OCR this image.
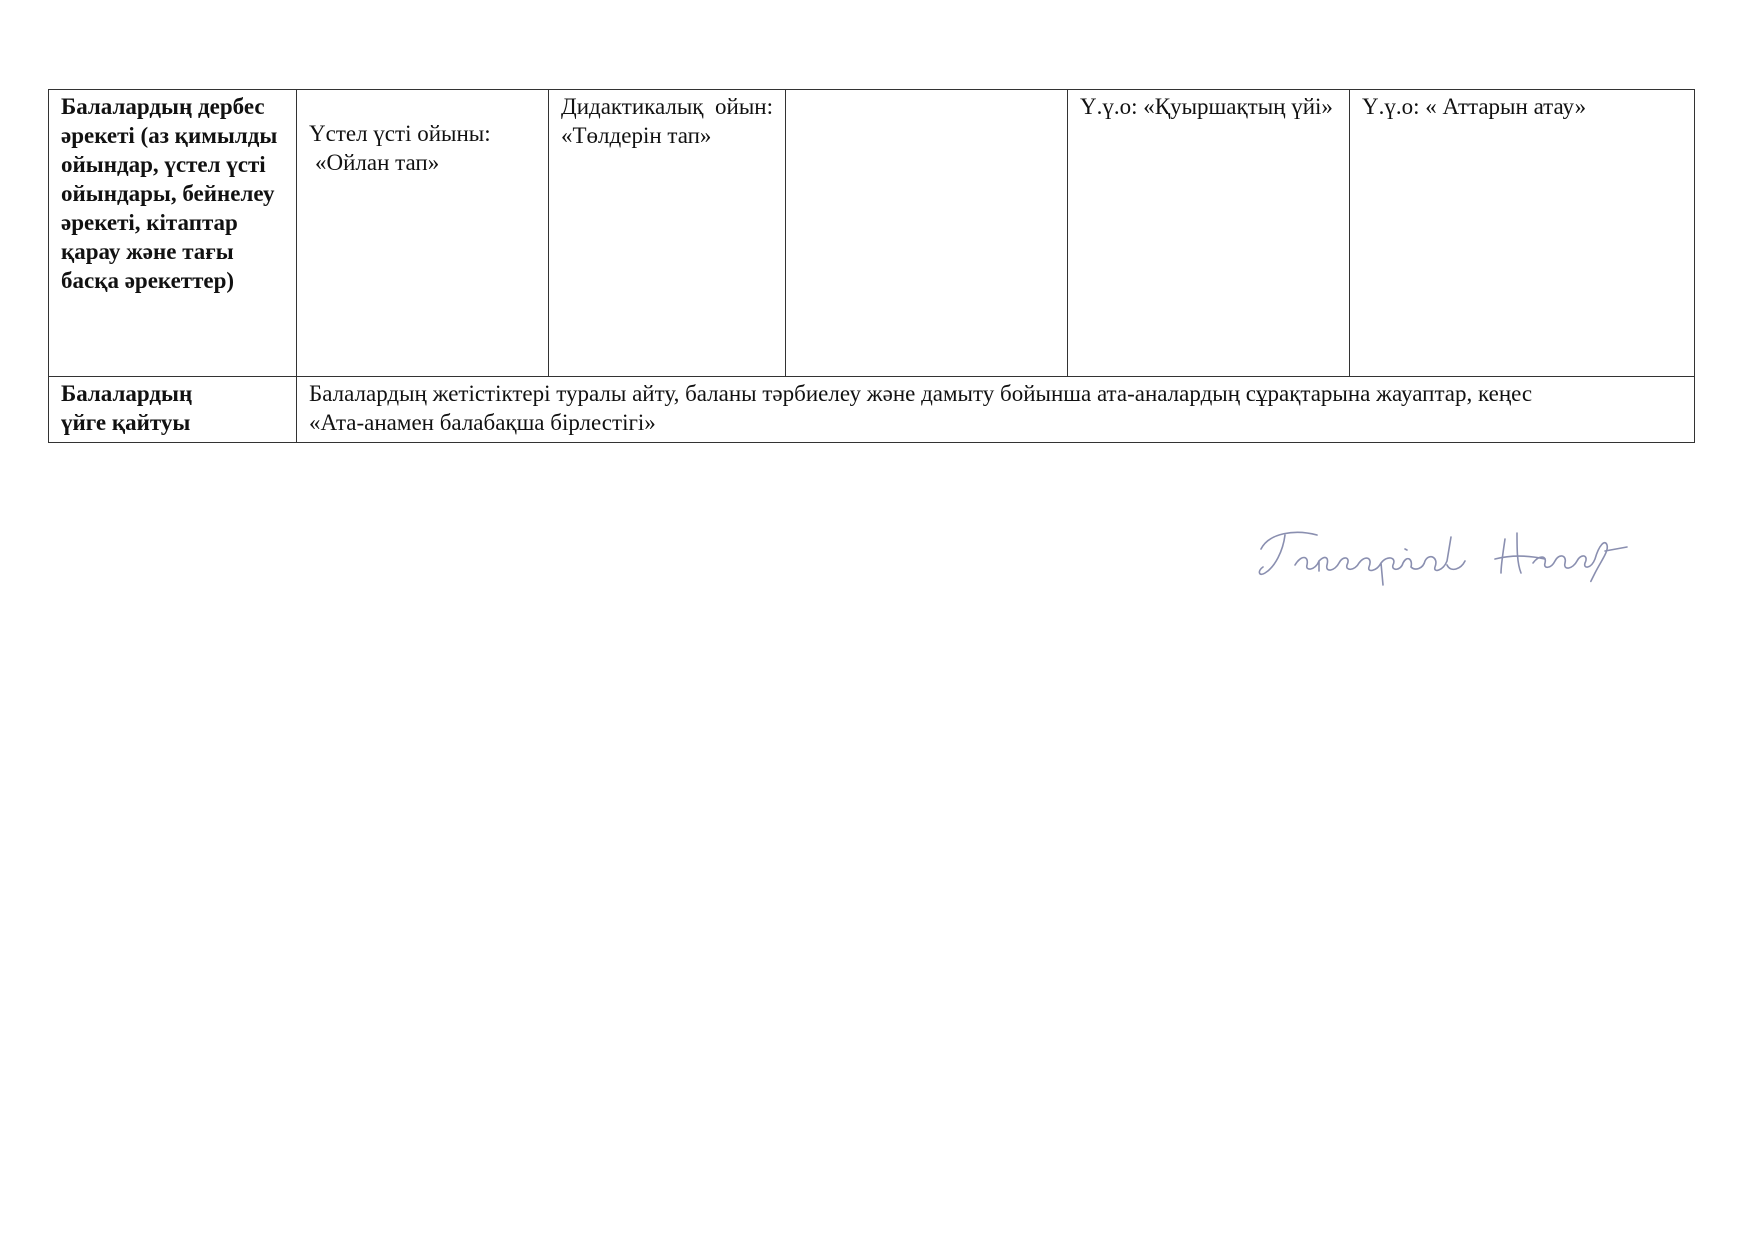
Балалардың дербес әрекеті (аз қимылды ойындар, үстел үсті ойындары, бейнелеу әрекеті, кітаптар қарау және тағы басқа әрекеттер)	Үстел үсті ойыны:
«Ойлан тап»	Дидактикалық ойын: «Төлдерін тап»		Ү.ү.о: «Қуыршақтың үйі»	Ү.ү.о: « Аттарын атау»
Балалардың
үйге қайтуы	Балалардың жетістіктері туралы айту, баланы тәрбиелеу және дамыту бойынша ата-аналардың сұрақтарына жауаптар, кеңес
«Ата-анамен балабақша бірлестігі»				
